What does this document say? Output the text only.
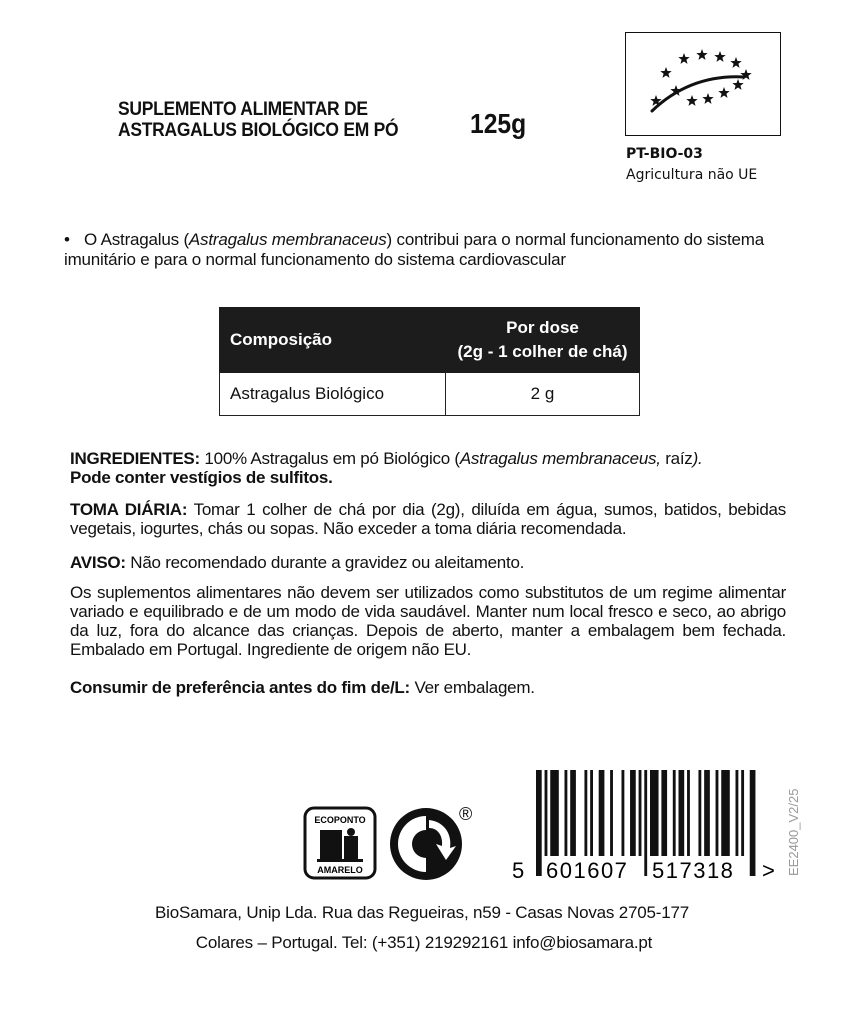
SUPLEMENTO ALIMENTAR DE
ASTRAGALUS BIOLÓGICO EM PÓ	125g
PT-BIO-03
Agricultura não UE
• O Astragalus (Astragalus membranaceus) contribui para o normal funcionamento do sistema imunitário e para o normal funcionamento do sistema cardiovascular
Composição	Por dose
(2g - 1 colher de chá)

Astragalus Biológico	2 g
INGREDIENTES: 100% Astragalus em pó Biológico (Astragalus membranaceus, raíz).
Pode conter vestígios de sulfitos.
TOMA DIÁRIA: Tomar 1 colher de chá por dia (2g), diluída em água, sumos, batidos, bebidas vegetais, iogurtes, chás ou sopas. Não exceder a toma diária recomendada.
AVISO: Não recomendado durante a gravidez ou aleitamento.
Os suplementos alimentares não devem ser utilizados como substitutos de um regime alimentar variado e equilibrado e de um modo de vida saudável. Manter num local fresco e seco, ao abrigo da luz, fora do alcance das crianças. Depois de aberto, manter a embalagem bem fechada. Embalado em Portugal. Ingrediente de origem não EU.
Consumir de preferência antes do fim de/L: Ver embalagem.
ECOPONTO
AMARELO
®
5 601607 517318 > EE2400_V2/25
BioSamara, Unip Lda. Rua das Regueiras, n59 - Casas Novas 2705-177
Colares – Portugal. Tel: (+351) 219292161 info@biosamara.pt
